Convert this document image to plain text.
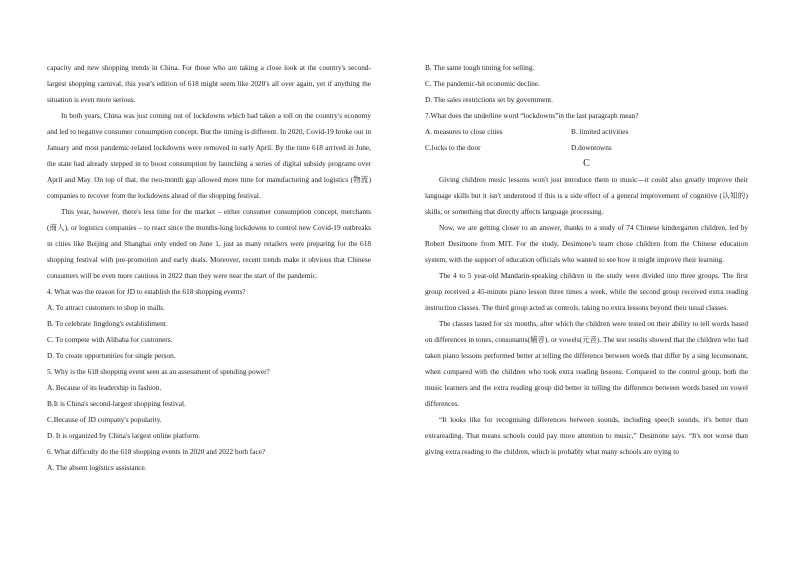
capacity and new shopping trends in China. For those who are taking a close look at the country's second-largest shopping carnival, this year's edition of 618 might seem like 2020's all over again, yet if anything the situation is even more serious.

In both years, China was just coming out of lockdowns which had taken a toll on the country's economy and led to negative consumer consumption concept. But the timing is different. In 2020, Covid-19 broke out in January and most pandemic-related lockdowns were removed in early April. By the time 618 arrived in June, the state had already stepped in to boost consumption by launching a series of digital subsidy programs over April and May. On top of that, the two-month gap allowed more time for manufacturing and logistics (物流) companies to recover from the lockdowns ahead of the shopping festival.

This year, however, there's less time for the market – either consumer consumption concept, merchants (商人), or logistics companies – to react since the months-long lockdowns to control new Covid-19 outbreaks in cities like Beijing and Shanghai only ended on June 1, just as many retailers were preparing for the 618 shopping festival with pre-promotion and early deals. Moreover, recent trends make it obvious that Chinese consumers will be even more cautious in 2022 than they were near the start of the pandemic.

4. What was the reason for JD to establish the 618 shopping events?

A. To attract customers to shop in malls.

B. To celebrate Jingdong's establishment.

C. To compete with Alibaba for customers.

D. To create opportunities for single person.

5. Why is the 618 shopping event seen as an assessment of spending power?

A. Because of its leadership in fashion.

B.It is China's second-largest shopping festival.

C.Because of JD company's popularity.

D. It is organized by China's largest online platform.

6. What difficulty do the 618 shopping events in 2020 and 2022 both face?

A. The absent logistics assistance.

B. The same tough timing for selling.

C. The pandemic-hit economic decline.

D. The sales restrictions set by government.

7.What does the underline word “lockdowns”in the last paragraph mean?

A. measures to close cities	B. limited activities
C.locks to the door	D.downtowns

C

Giving children music lessons won't just introduce them to music—it could also greatly improve their language skills but it isn't understood if this is a side effect of a general improvement of cognitive (认知的) skills, or something that directly affects language processing.

Now, we are getting closer to an answer, thanks to a study of 74 Chinese kindergarten children, led by Robert Desimone from MIT. For the study, Desimone's team chose children from the Chinese education system, with the support of education officials who wanted to see how it might improve their learning.

The 4 to 5 year-old Mandarin-speaking children in the study were divided into three groups. The first group received a 45-minute piano lesson three times a week, while the second group received extra reading instruction classes. The third group acted as controls, taking no extra lessons beyond their usual classes.

The classes lasted for six months, after which the children were tested on their ability to tell words based on differences in tones, consonants(辅音), or vowels(元音). The test results showed that the children who had taken piano lessons performed better at telling the difference between words that differ by a sing leconsonant, when compared with the children who took extra reading lessons. Compared to the control group, both the music learners and the extra reading group did better in telling the difference between words based on vowel differences.

“It looks like for recognising differences between sounds, including speech sounds, it's better than extrareading. That means schools could pay more attention to music,” Desimone says. “It's not worse than giving extra reading to the children, which is probably what many schools are trying to
